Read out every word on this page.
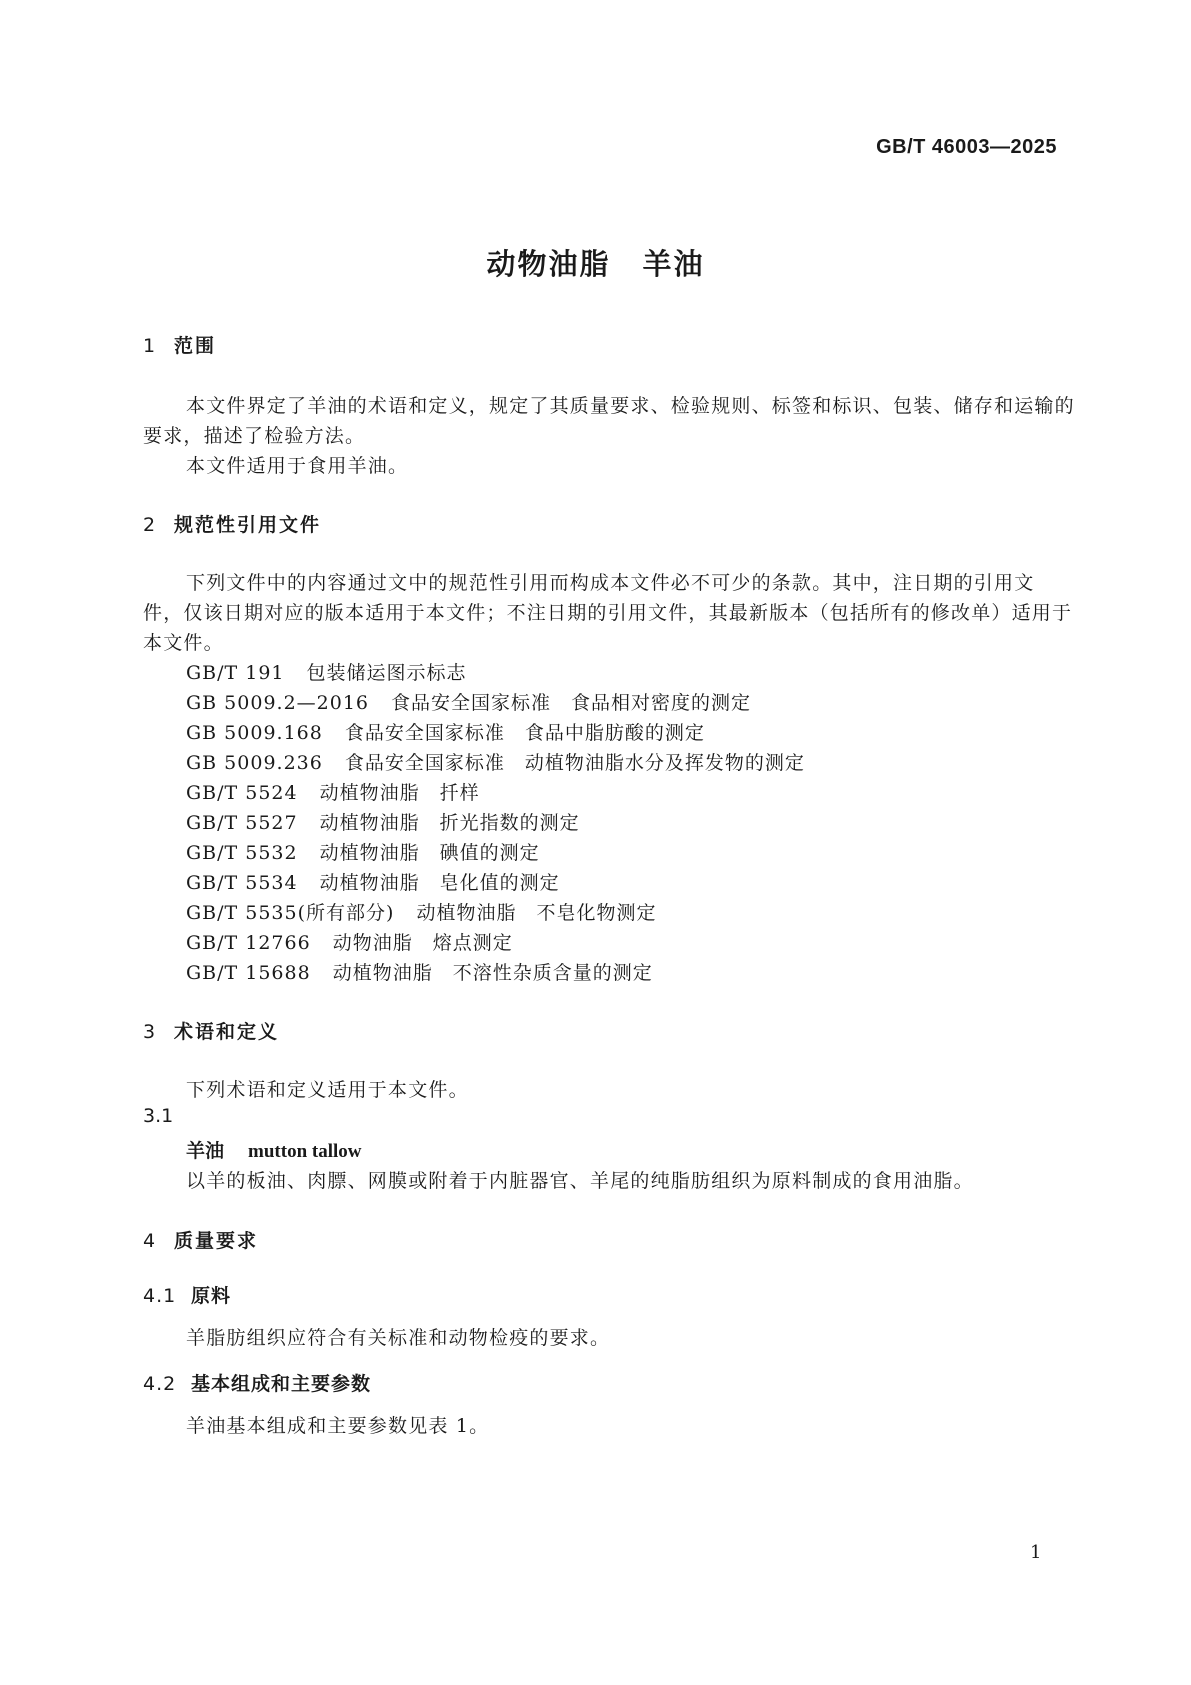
GB/T 46003—2025
动物油脂 羊油
1 范围
本文件界定了羊油的术语和定义，规定了其质量要求、检验规则、标签和标识、包装、储存和运输的
要求，描述了检验方法。
本文件适用于食用羊油。
2 规范性引用文件
下列文件中的内容通过文中的规范性引用而构成本文件必不可少的条款。其中，注日期的引用文
件，仅该日期对应的版本适用于本文件；不注日期的引用文件，其最新版本（包括所有的修改单）适用于
本文件。
GB/T 191 包装储运图示标志
GB 5009.2—2016 食品安全国家标准　食品相对密度的测定
GB 5009.168 食品安全国家标准　食品中脂肪酸的测定
GB 5009.236 食品安全国家标准　动植物油脂水分及挥发物的测定
GB/T 5524 动植物油脂　扦样
GB/T 5527 动植物油脂　折光指数的测定
GB/T 5532 动植物油脂　碘值的测定
GB/T 5534 动植物油脂　皂化值的测定
GB/T 5535(所有部分) 动植物油脂　不皂化物测定
GB/T 12766 动物油脂　熔点测定
GB/T 15688 动植物油脂　不溶性杂质含量的测定
3 术语和定义
下列术语和定义适用于本文件。
3.1
羊油 mutton tallow
以羊的板油、肉膘、网膜或附着于内脏器官、羊尾的纯脂肪组织为原料制成的食用油脂。
4 质量要求
4.1 原料
羊脂肪组织应符合有关标准和动物检疫的要求。
4.2 基本组成和主要参数
羊油基本组成和主要参数见表 1。
1
